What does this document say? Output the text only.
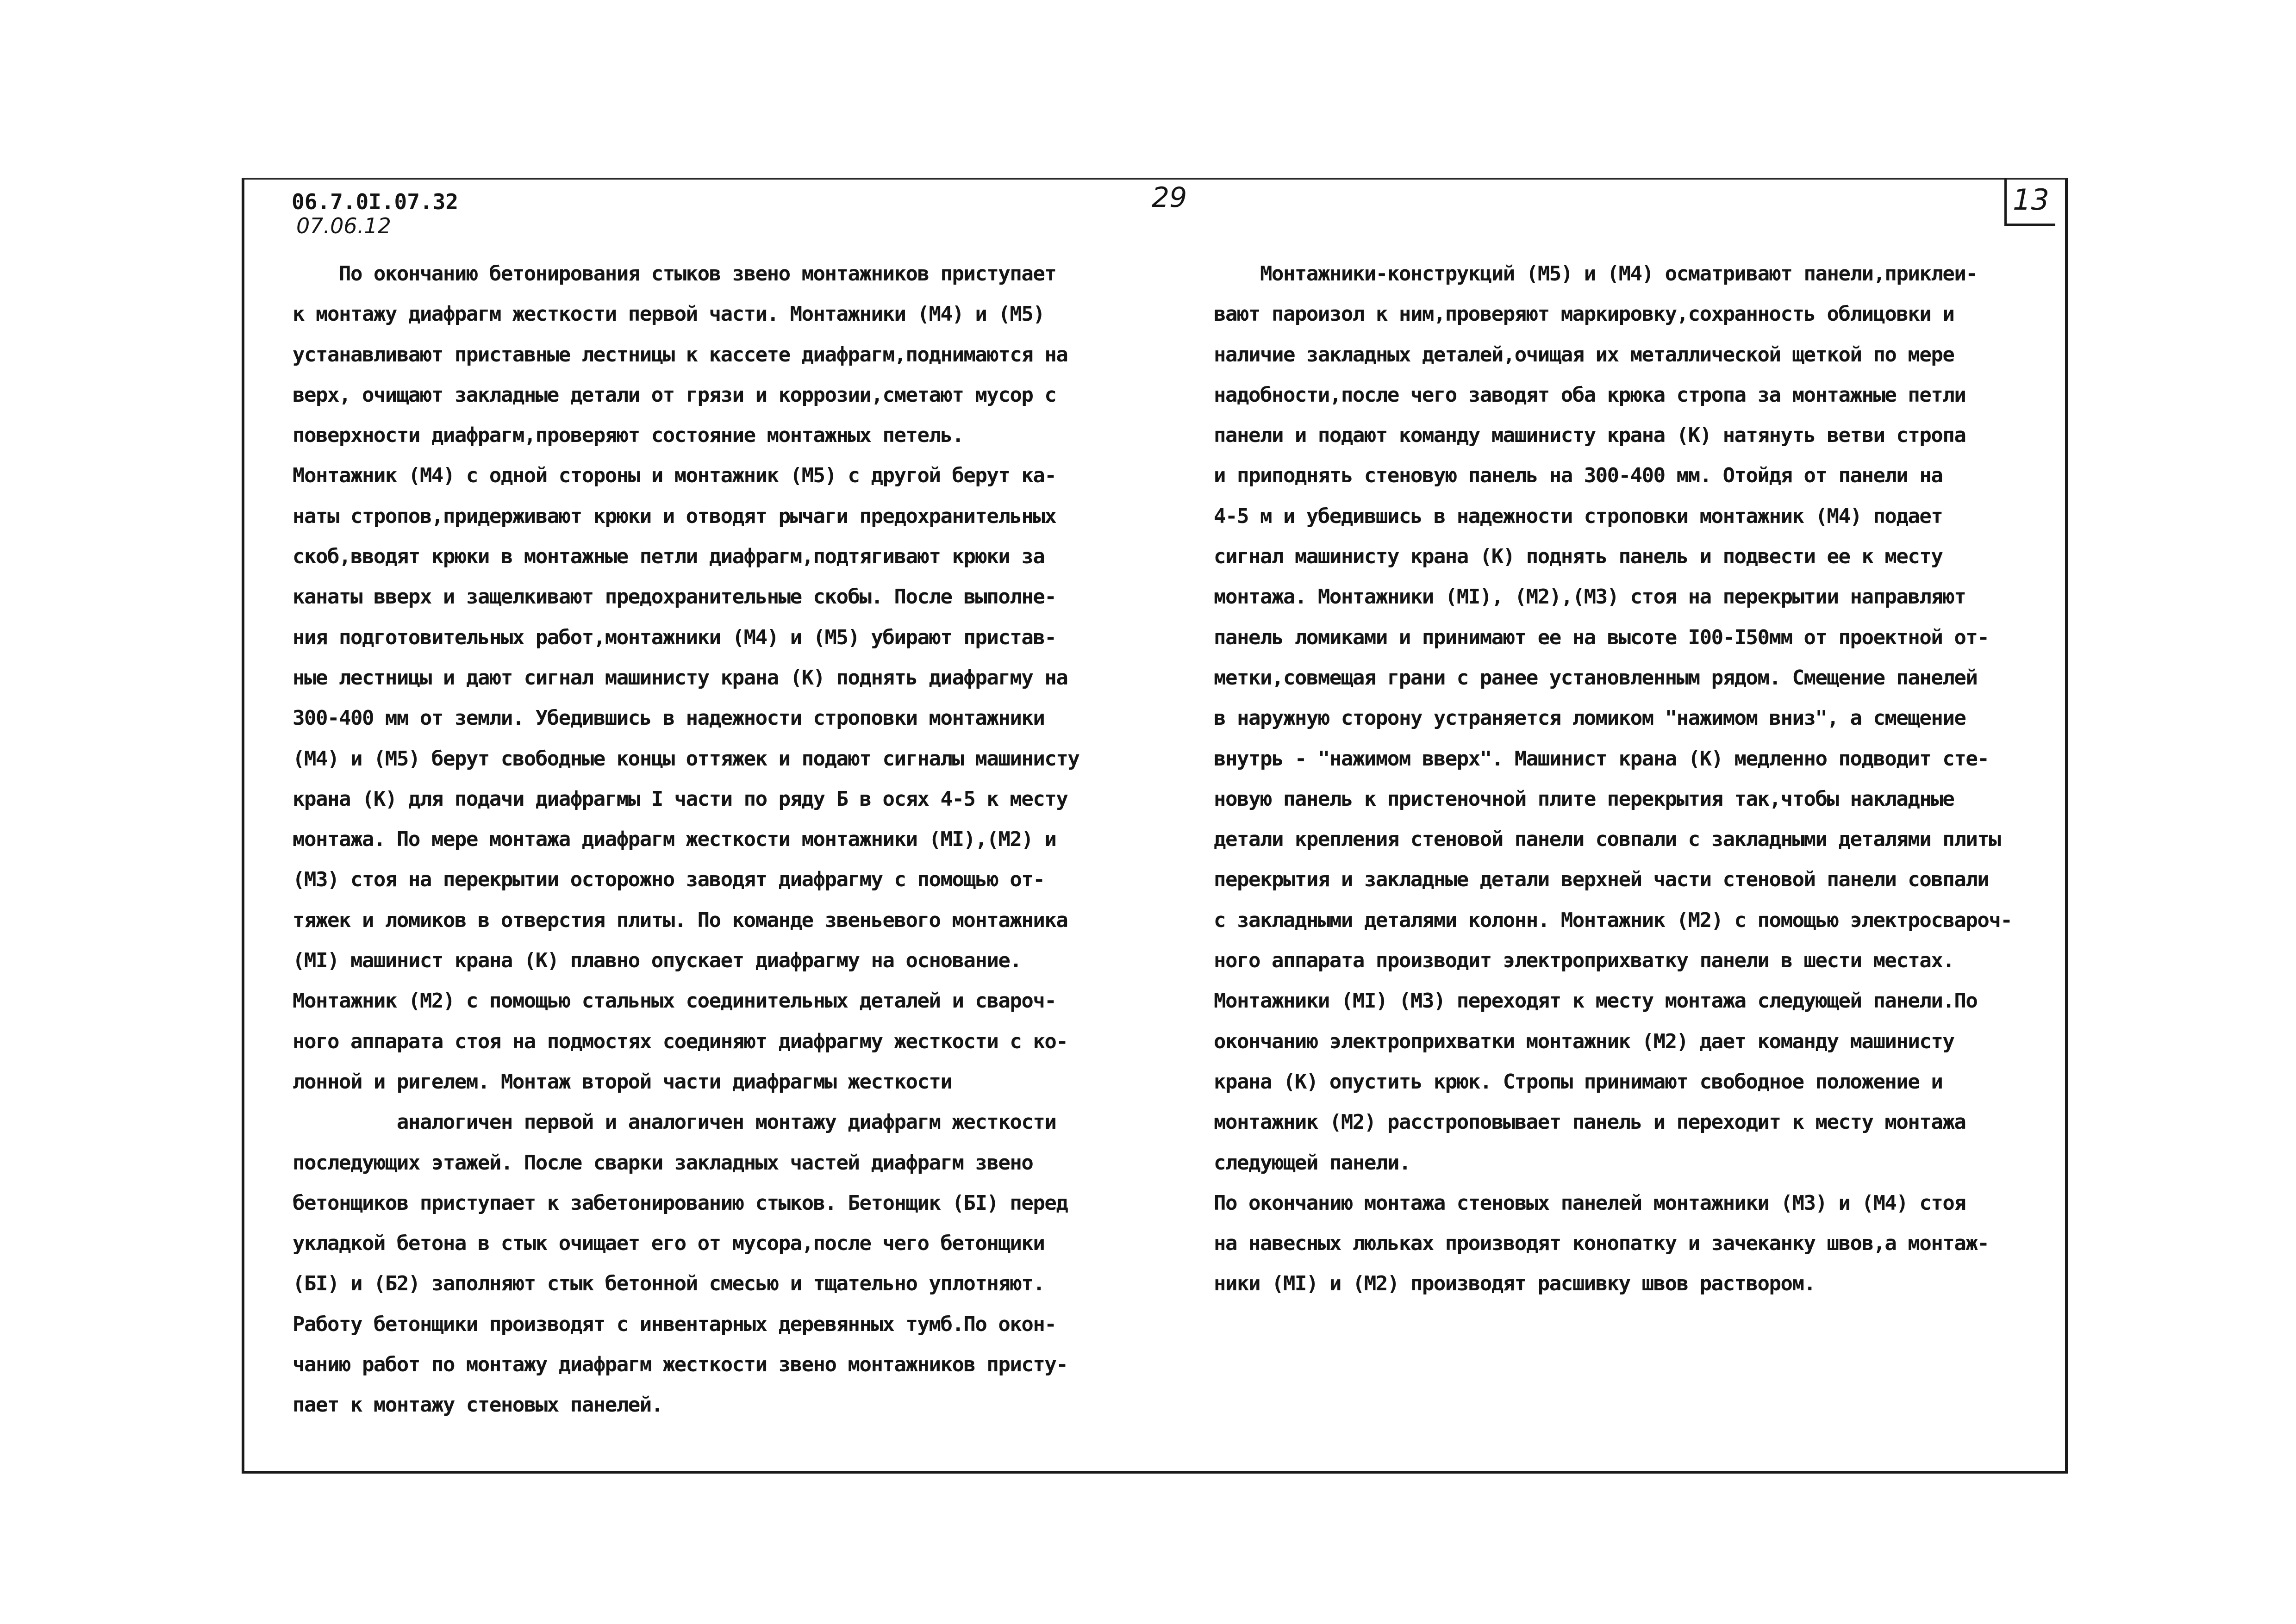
06.7.0I.07.32
07.06.12
29	13

По окончанию бетонирования стыков звено монтажников приступает

к монтажу диафрагм жесткости первой части. Монтажники (М4) и (М5)

устанавливают приставные лестницы к кассете диафрагм,поднимаются на

верх, очищают закладные детали от грязи и коррозии,сметают мусор с

поверхности диафрагм,проверяют состояние монтажных петель.

Монтажник (М4) с одной стороны и монтажник (М5) с другой берут ка-

наты стропов,придерживают крюки и отводят рычаги предохранительных

скоб,вводят крюки в монтажные петли диафрагм,подтягивают крюки за

канаты вверх и защелкивают предохранительные скобы. После выполне-

ния подготовительных работ,монтажники (М4) и (М5) убирают пристав-

ные лестницы и дают сигнал машинисту крана (К) поднять диафрагму на

300-400 мм от земли. Убедившись в надежности строповки монтажники

(М4) и (М5) берут свободные концы оттяжек и подают сигналы машинисту

крана (К) для подачи диафрагмы I части по ряду Б в осях 4-5 к месту

монтажа. По мере монтажа диафрагм жесткости монтажники (МI),(М2) и

(М3) стоя на перекрытии осторожно заводят диафрагму с помощью от-

тяжек и ломиков в отверстия плиты. По команде звеньевого монтажника

(МI) машинист крана (К) плавно опускает диафрагму на основание.

Монтажник (М2) с помощью стальных соединительных деталей и свароч-

ного аппарата стоя на подмостях соединяют диафрагму жесткости с ко-

лонной и ригелем. Монтаж второй части диафрагмы жесткости

аналогичен первой и аналогичен монтажу диафрагм жесткости

последующих этажей. После сварки закладных частей диафрагм звено

бетонщиков приступает к забетонированию стыков. Бетонщик (БI) перед

укладкой бетона в стык очищает его от мусора,после чего бетонщики

(БI) и (Б2) заполняют стык бетонной смесью и тщательно уплотняют.

Работу бетонщики производят с инвентарных деревянных тумб.По окон-

чанию работ по монтажу диафрагм жесткости звено монтажников присту-

пает к монтажу стеновых панелей.

Монтажники-конструкций (М5) и (М4) осматривают панели,приклеи-

вают пароизол к ним,проверяют маркировку,сохранность облицовки и

наличие закладных деталей,очищая их металлической щеткой по мере

надобности,после чего заводят оба крюка стропа за монтажные петли

панели и подают команду машинисту крана (К) натянуть ветви стропа

и приподнять стеновую панель на 300-400 мм. Отойдя от панели на

4-5 м и убедившись в надежности строповки монтажник (М4) подает

сигнал машинисту крана (К) поднять панель и подвести ее к месту

монтажа. Монтажники (МI), (М2),(М3) стоя на перекрытии направляют

панель ломиками и принимают ее на высоте I00-I50мм от проектной от-

метки,совмещая грани с ранее установленным рядом. Смещение панелей

в наружную сторону устраняется ломиком "нажимом вниз", а смещение

внутрь - "нажимом вверх". Машинист крана (К) медленно подводит сте-

новую панель к пристеночной плите перекрытия так,чтобы накладные

детали крепления стеновой панели совпали с закладными деталями плиты

перекрытия и закладные детали верхней части стеновой панели совпали

с закладными деталями колонн. Монтажник (М2) с помощью электросвароч-

ного аппарата производит электроприхватку панели в шести местах.

Монтажники (МI) (М3) переходят к месту монтажа следующей панели.По

окончанию электроприхватки монтажник (М2) дает команду машинисту

крана (К) опустить крюк. Стропы принимают свободное положение и

монтажник (М2) расстроповывает панель и переходит к месту монтажа

следующей панели.

По окончанию монтажа стеновых панелей монтажники (М3) и (М4) стоя

на навесных люльках производят конопатку и зачеканку швов,а монтаж-

ники (МI) и (М2) производят расшивку швов раствором.
